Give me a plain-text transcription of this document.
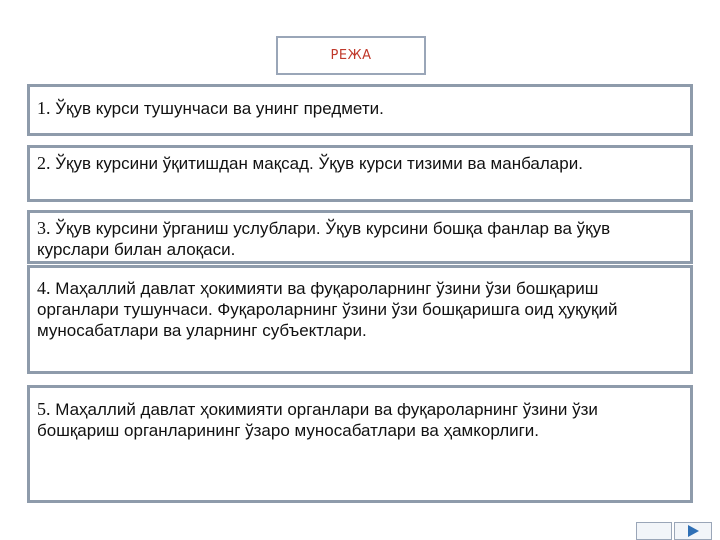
РЕЖА
1. Ўқув курси тушунчаси ва унинг предмети.
2. Ўқув курсини ўқитишдан мақсад. Ўқув курси тизими ва манбалари.
3. Ўқув курсини ўрганиш услублари. Ўқув курсини бошқа фанлар ва ўқув курслари билан алоқаси.
4. Маҳаллий давлат ҳокимияти ва фуқароларнинг ўзини ўзи бошқариш органлари тушунчаси. Фуқароларнинг ўзини ўзи бошқаришга оид ҳуқуқий муносабатлари ва уларнинг субъектлари.
5. Маҳаллий давлат ҳокимияти органлари ва фуқароларнинг ўзини ўзи бошқариш органларининг ўзаро муносабатлари ва ҳамкорлиги.
